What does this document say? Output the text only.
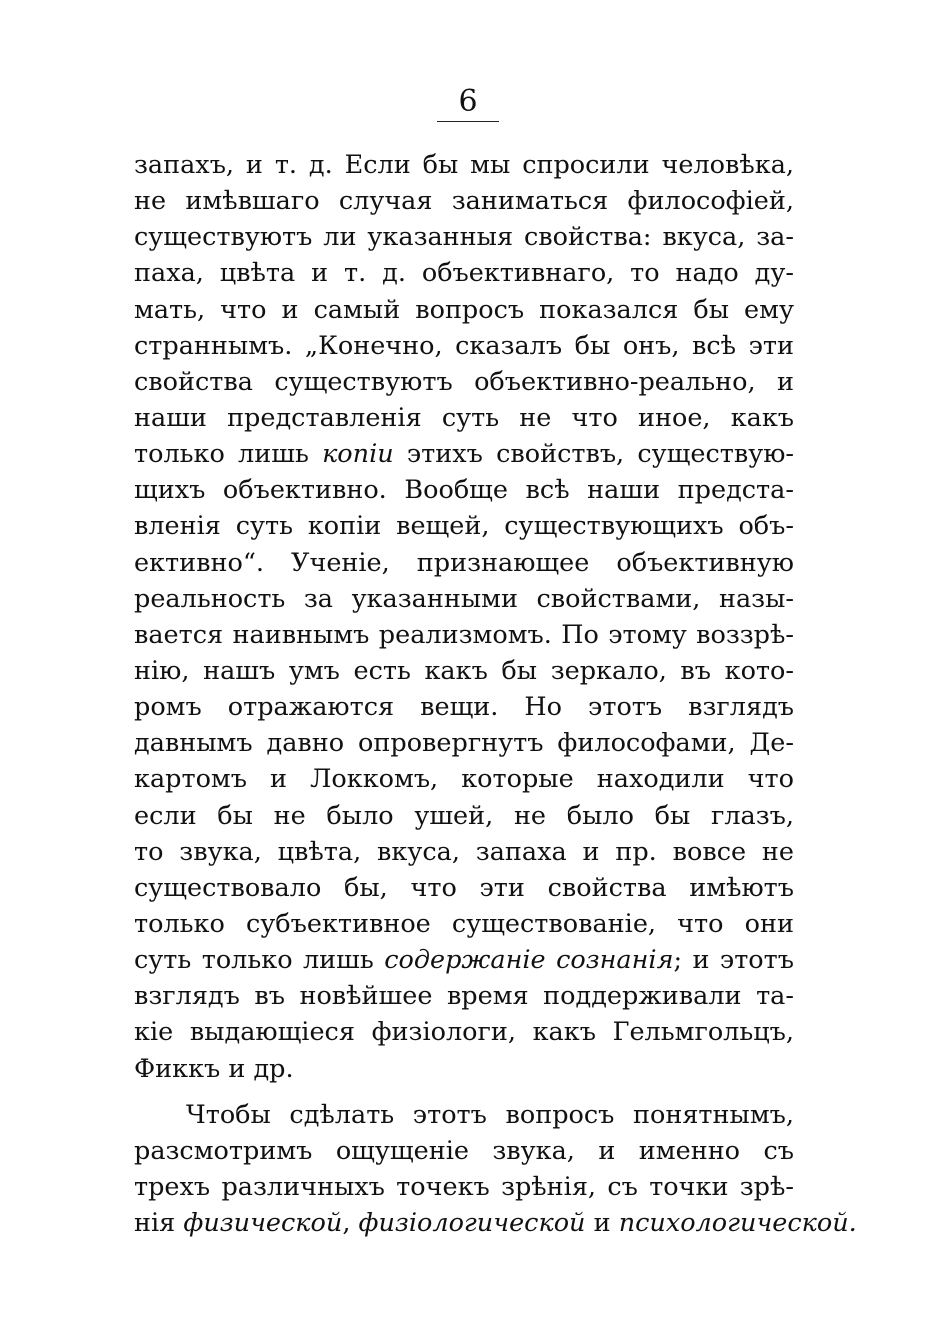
6
запахъ, и т. д. Если бы мы спросили человѣка,
не имѣвшаго случая заниматься философiей,
существуютъ ли указанныя свойства: вкуса, за-
паха, цвѣта и т. д. объективнаго, то надо ду-
мать, что и самый вопросъ показался бы ему
страннымъ. „Конечно, сказалъ бы онъ, всѣ эти
свойства существуютъ объективно-реально, и
наши представленiя суть не что иное, какъ
только лишь копiи этихъ свойствъ, существую-
щихъ объективно. Вообще всѣ наши предста-
вленiя суть копiи вещей, существующихъ объ-
ективно“. Ученiе, признающее объективную
реальность за указанными свойствами, назы-
вается наивнымъ реализмомъ. По этому воззрѣ-
нiю, нашъ умъ есть какъ бы зеркало, въ кото-
ромъ отражаются вещи. Но этотъ взглядъ
давнымъ давно опровергнутъ философами, Де-
картомъ и Локкомъ, которые находили что
если бы не было ушей, не было бы глазъ,
то звука, цвѣта, вкуса, запаха и пр. вовсе не
существовало бы, что эти свойства имѣютъ
только субъективное существованiе, что они
суть только лишь содержанiе сознанiя; и этотъ
взглядъ въ новѣйшее время поддерживали та-
кiе выдающiеся физiологи, какъ Гельмгольцъ,
Фиккъ и др.
Чтобы сдѣлать этотъ вопросъ понятнымъ,
разсмотримъ ощущенiе звука, и именно съ
трехъ различныхъ точекъ зрѣнiя, съ точки зрѣ-
нiя физической, физiологической и психологической.
